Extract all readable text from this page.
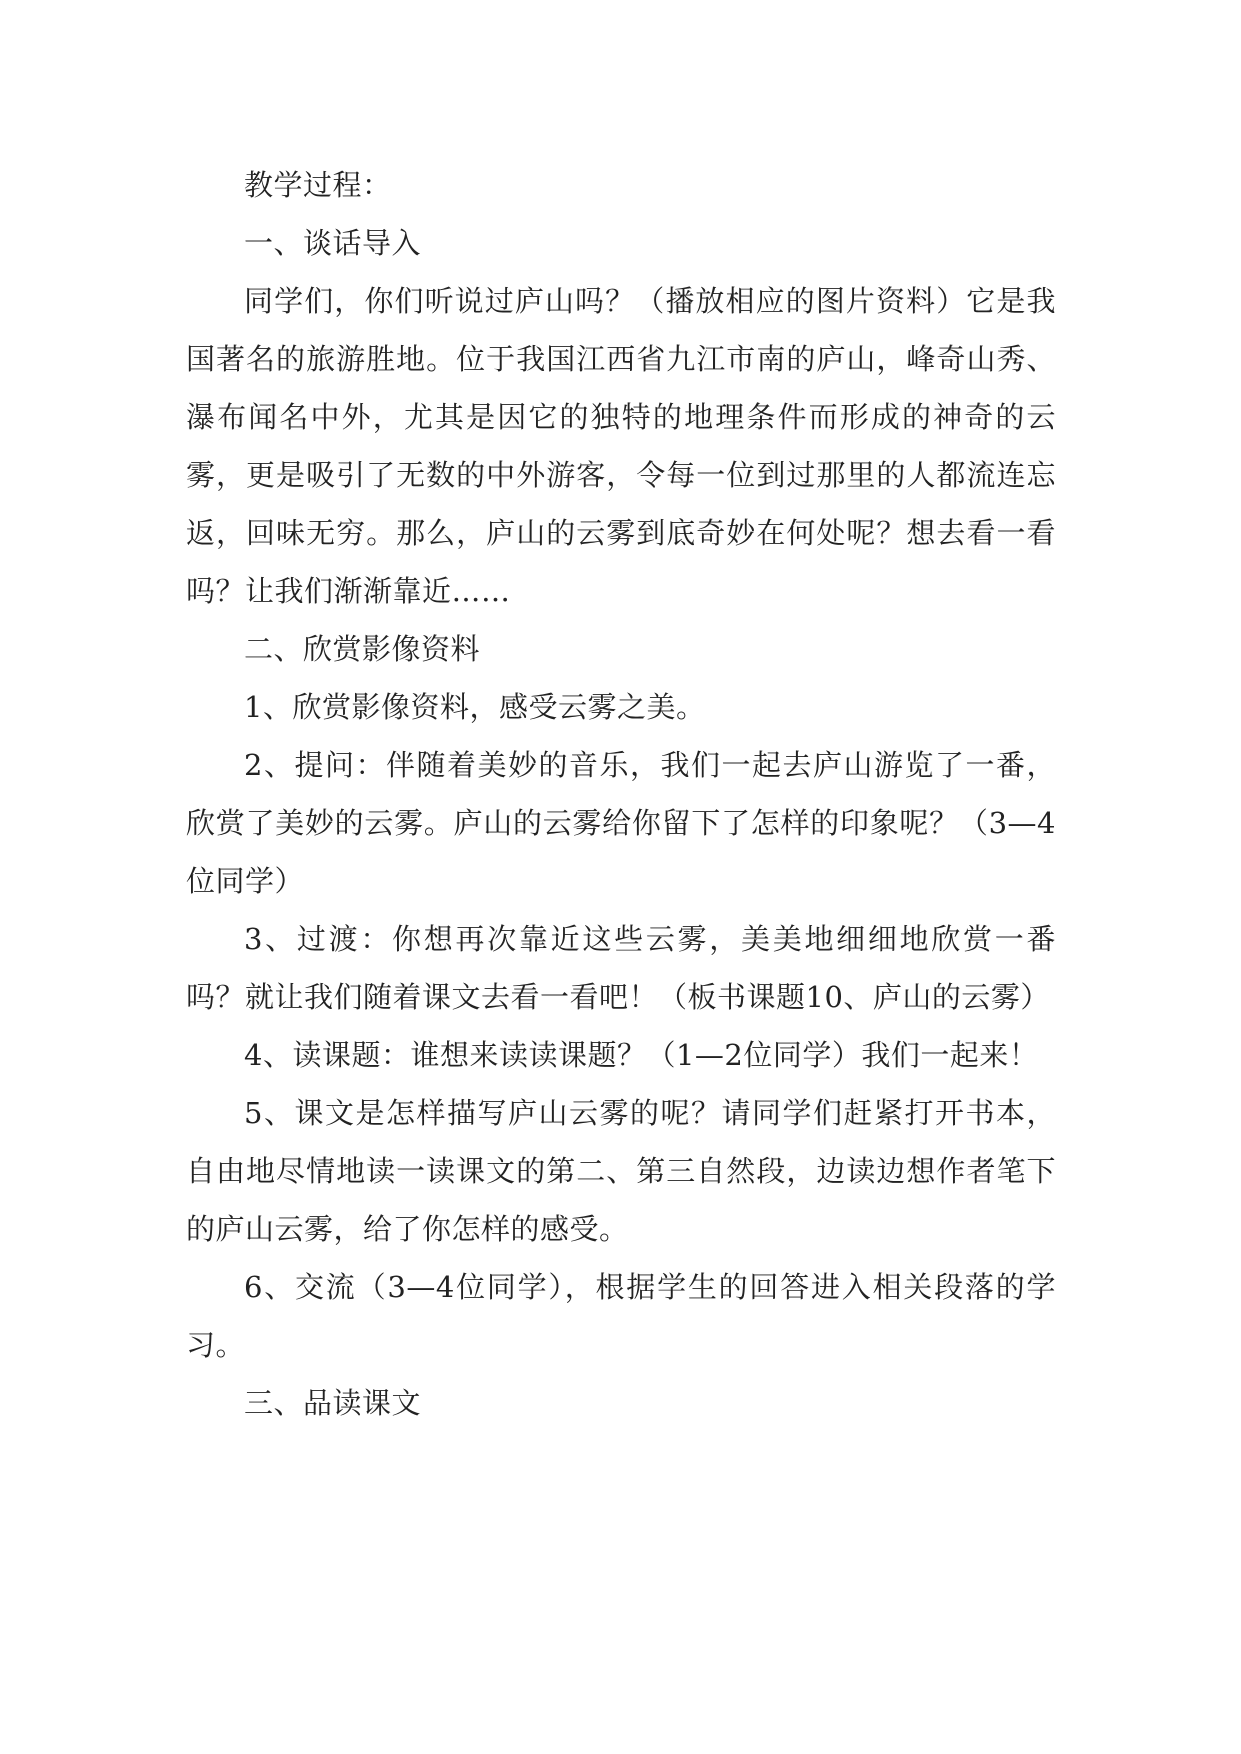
教学过程：

一、谈话导入

同学们，你们听说过庐山吗？（播放相应的图片资料）它是我国著名的旅游胜地。位于我国江西省九江市南的庐山，峰奇山秀、瀑布闻名中外，尤其是因它的独特的地理条件而形成的神奇的云雾，更是吸引了无数的中外游客，令每一位到过那里的人都流连忘返，回味无穷。那么，庐山的云雾到底奇妙在何处呢？想去看一看吗？让我们渐渐靠近……

二、欣赏影像资料

1、欣赏影像资料，感受云雾之美。

2、提问：伴随着美妙的音乐，我们一起去庐山游览了一番，欣赏了美妙的云雾。庐山的云雾给你留下了怎样的印象呢？（3—4位同学）

3、过渡：你想再次靠近这些云雾，美美地细细地欣赏一番吗？就让我们随着课文去看一看吧！（板书课题10、庐山的云雾）

4、读课题：谁想来读读课题？（1—2位同学）我们一起来！

5、课文是怎样描写庐山云雾的呢？请同学们赶紧打开书本，自由地尽情地读一读课文的第二、第三自然段，边读边想作者笔下的庐山云雾，给了你怎样的感受。

6、交流（3—4位同学），根据学生的回答进入相关段落的学习。

三、品读课文
